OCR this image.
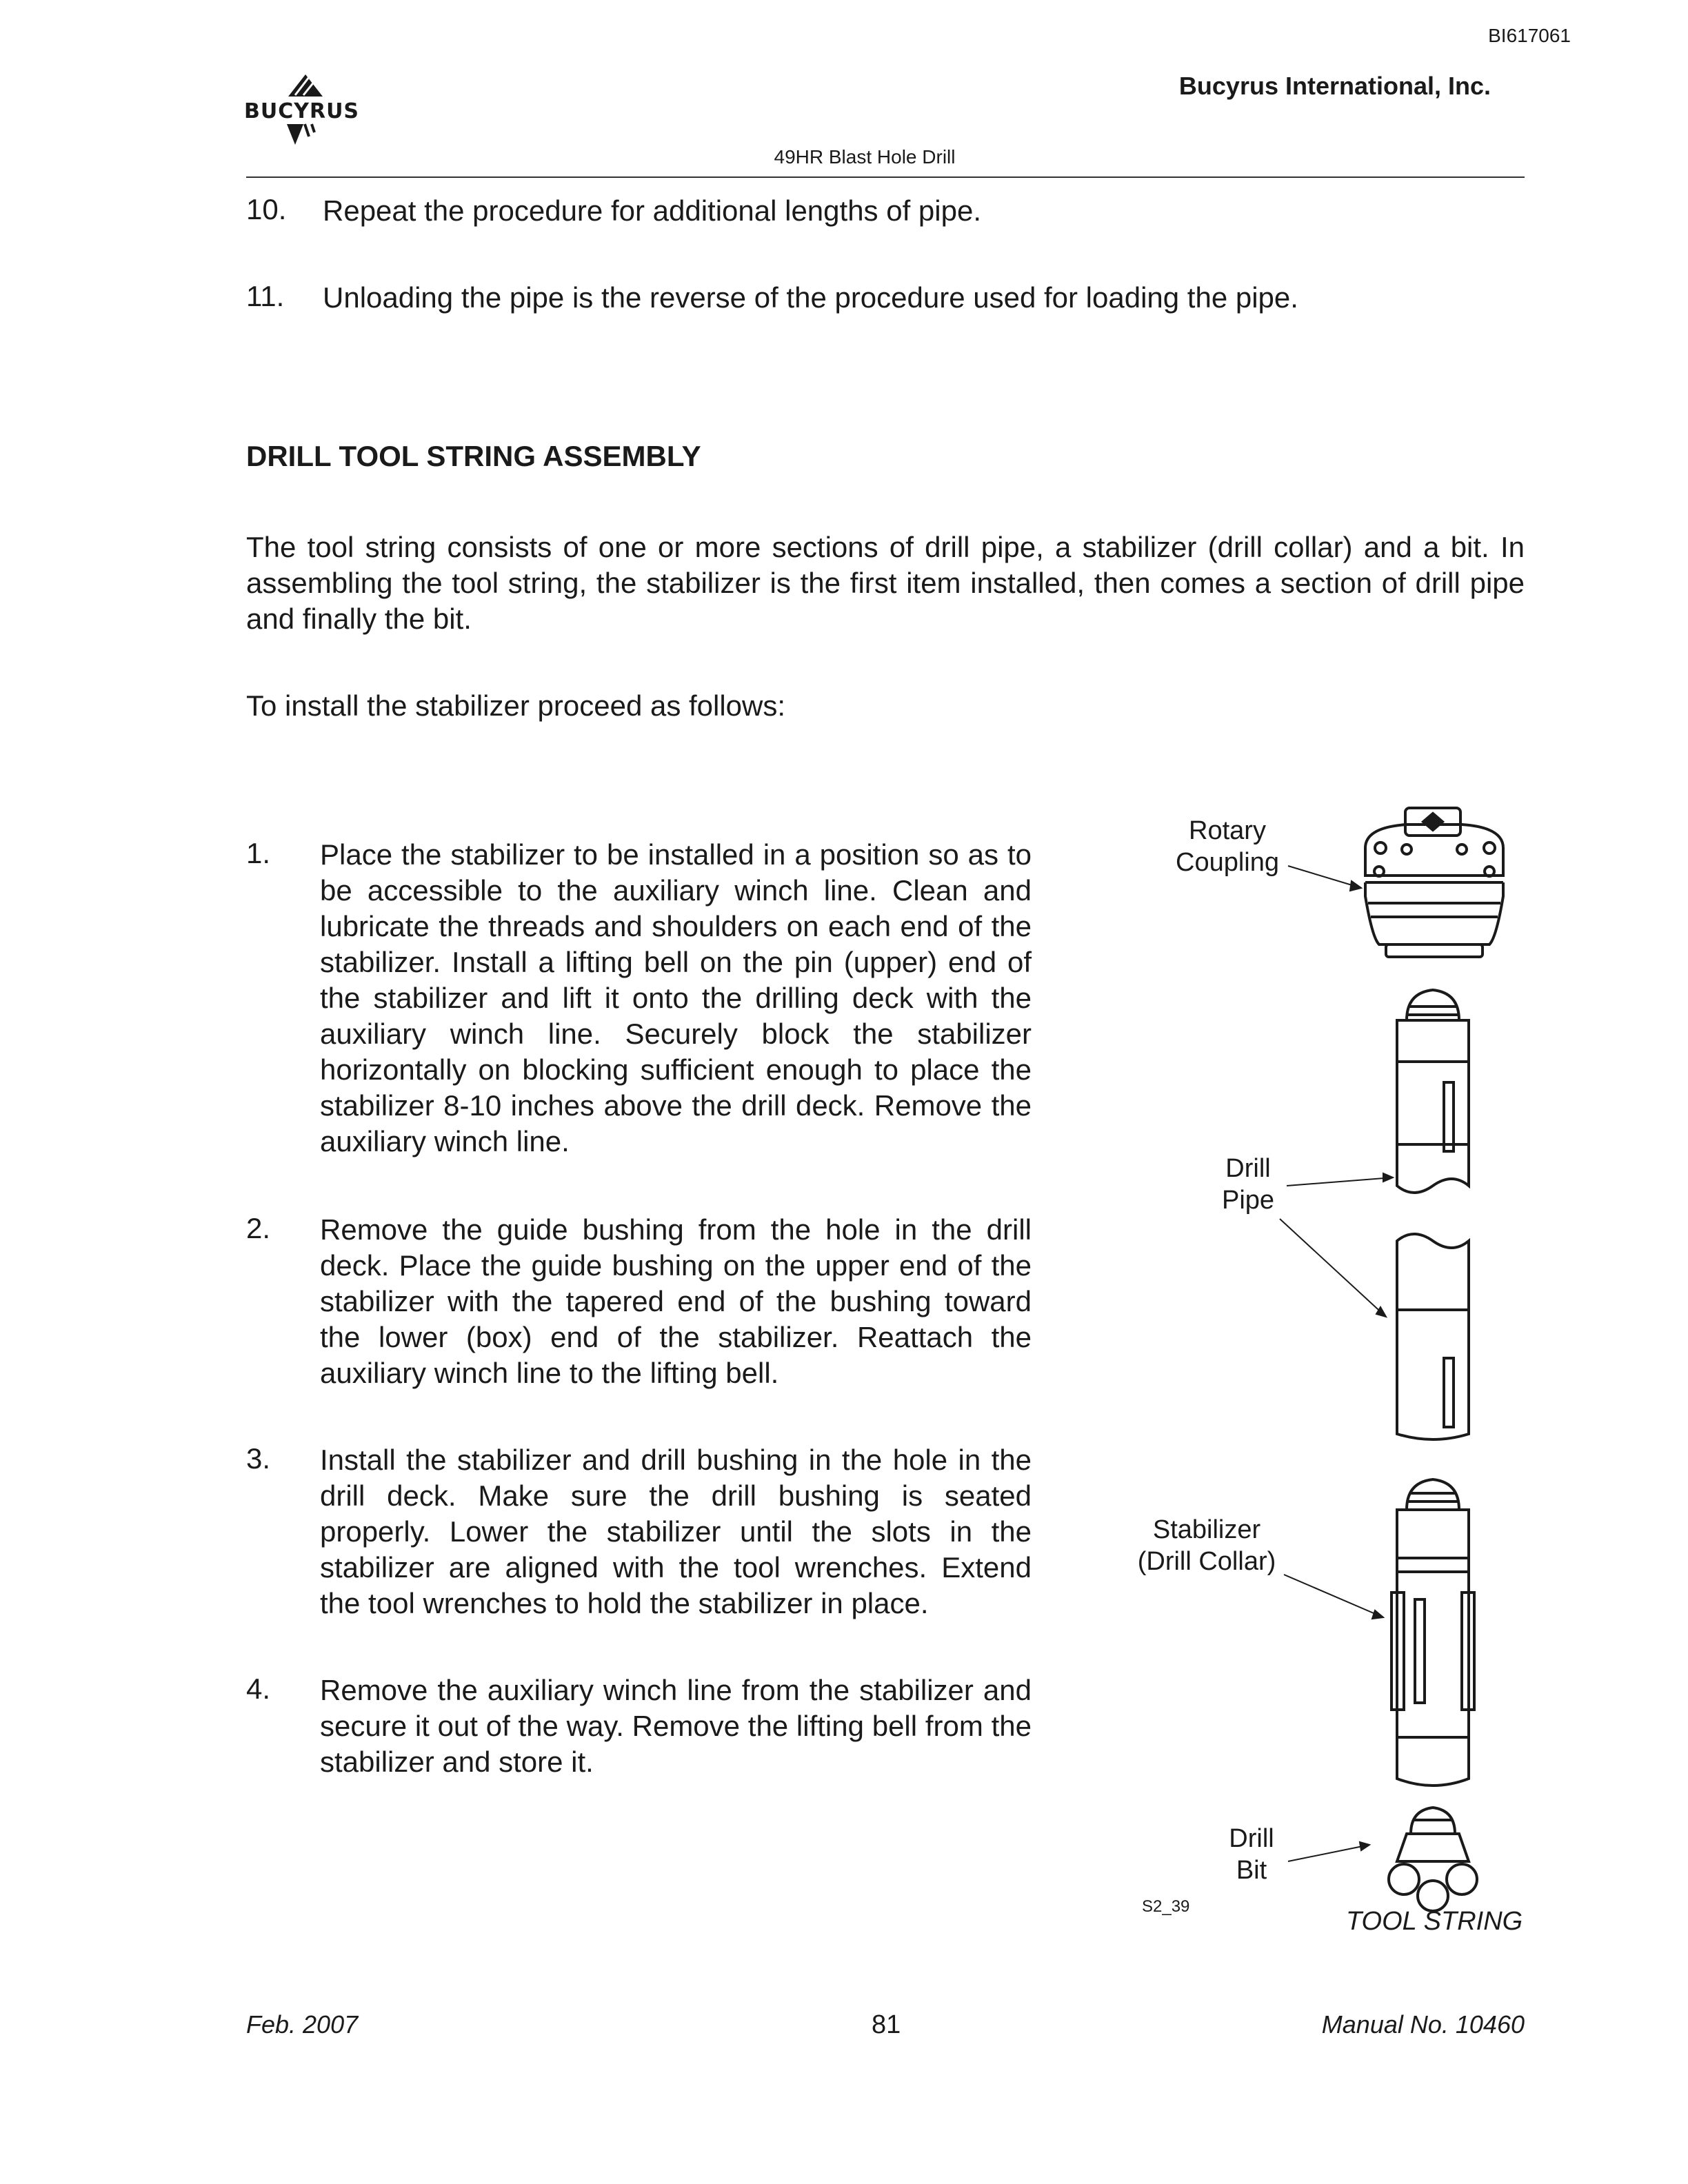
BI617061
Bucyrus International, Inc.
BUCYRUS
49HR Blast Hole Drill
10. Repeat the procedure for additional lengths of pipe.
11. Unloading the pipe is the reverse of the procedure used for loading the pipe.
DRILL TOOL STRING ASSEMBLY
The tool string consists of one or more sections of drill pipe, a stabilizer (drill collar) and a bit. In assembling the tool string, the stabilizer is the first item installed, then comes a section of drill pipe and finally the bit.
To install the stabilizer proceed as follows:
1. Place the stabilizer to be installed in a position so as to be accessible to the auxiliary winch line. Clean and lubricate the threads and shoulders on each end of the stabilizer. Install a lifting bell on the pin (upper) end of the stabilizer and lift it onto the drilling deck with the auxiliary winch line. Securely block the stabilizer horizontally on blocking sufficient enough to place the stabilizer 8-10 inches above the drill deck. Remove the auxiliary winch line.
2. Remove the guide bushing from the hole in the drill deck. Place the guide bushing on the upper end of the stabilizer with the tapered end of the bushing toward the lower (box) end of the stabilizer. Reattach the auxiliary winch line to the lifting bell.
3. Install the stabilizer and drill bushing in the hole in the drill deck. Make sure the drill bushing is seated properly. Lower the stabilizer until the slots in the stabilizer are aligned with the tool wrenches. Extend the tool wrenches to hold the stabilizer in place.
4. Remove the auxiliary winch line from the stabilizer and secure it out of the way. Remove the lifting bell from the stabilizer and store it.
Rotary
Coupling
Drill
Pipe
Stabilizer
(Drill Collar)
Drill
Bit
S2_39
TOOL STRING
Feb. 2007	81	Manual No. 10460
